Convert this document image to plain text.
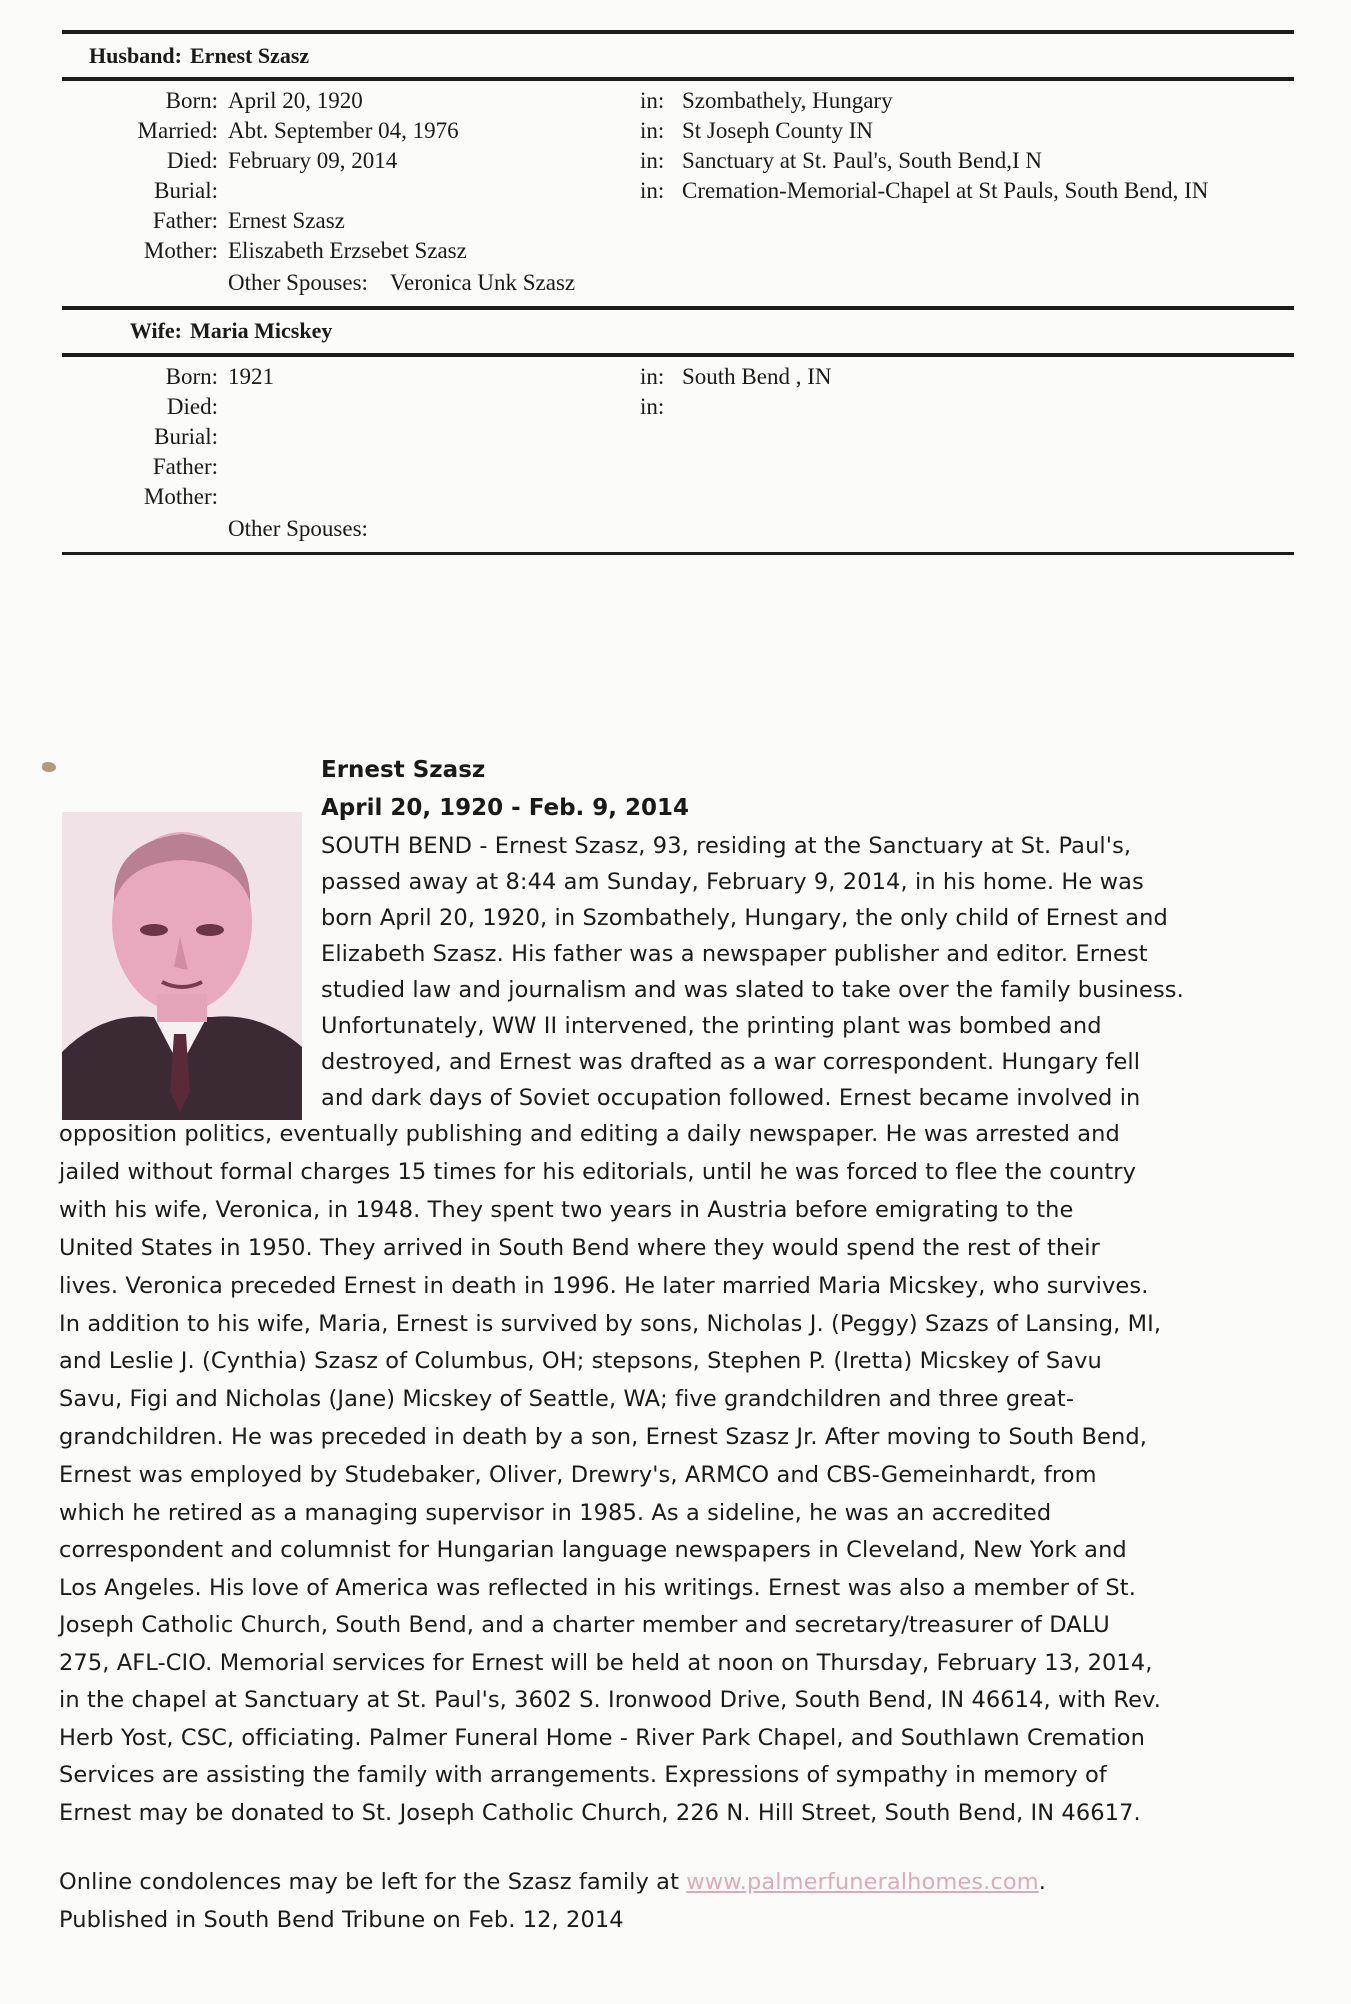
Husband: Ernest Szasz
Born: April 20, 1920	in: Szombathely, Hungary
Married: Abt. September 04, 1976	in: St Joseph County IN
Died: February 09, 2014	in: Sanctuary at St. Paul's, South Bend,I N
Burial:	in: Cremation-Memorial-Chapel at St Pauls, South Bend, IN
Father: Ernest Szasz
Mother: Eliszabeth Erzsebet Szasz
Other Spouses: Veronica Unk Szasz
Wife: Maria Micskey
Born: 1921	in: South Bend , IN
Died:	in:
Burial:
Father:
Mother:
Other Spouses:
Ernest Szasz
April 20, 1920 - Feb. 9, 2014
SOUTH BEND - Ernest Szasz, 93, residing at the Sanctuary at St. Paul's,
passed away at 8:44 am Sunday, February 9, 2014, in his home. He was
born April 20, 1920, in Szombathely, Hungary, the only child of Ernest and
Elizabeth Szasz. His father was a newspaper publisher and editor. Ernest
studied law and journalism and was slated to take over the family business.
Unfortunately, WW II intervened, the printing plant was bombed and
destroyed, and Ernest was drafted as a war correspondent. Hungary fell
and dark days of Soviet occupation followed. Ernest became involved in
opposition politics, eventually publishing and editing a daily newspaper. He was arrested and
jailed without formal charges 15 times for his editorials, until he was forced to flee the country
with his wife, Veronica, in 1948. They spent two years in Austria before emigrating to the
United States in 1950. They arrived in South Bend where they would spend the rest of their
lives. Veronica preceded Ernest in death in 1996. He later married Maria Micskey, who survives.
In addition to his wife, Maria, Ernest is survived by sons, Nicholas J. (Peggy) Szazs of Lansing, MI,
and Leslie J. (Cynthia) Szasz of Columbus, OH; stepsons, Stephen P. (Iretta) Micskey of Savu
Savu, Figi and Nicholas (Jane) Micskey of Seattle, WA; five grandchildren and three great-
grandchildren. He was preceded in death by a son, Ernest Szasz Jr. After moving to South Bend,
Ernest was employed by Studebaker, Oliver, Drewry's, ARMCO and CBS-Gemeinhardt, from
which he retired as a managing supervisor in 1985. As a sideline, he was an accredited
correspondent and columnist for Hungarian language newspapers in Cleveland, New York and
Los Angeles. His love of America was reflected in his writings. Ernest was also a member of St.
Joseph Catholic Church, South Bend, and a charter member and secretary/treasurer of DALU
275, AFL-CIO. Memorial services for Ernest will be held at noon on Thursday, February 13, 2014,
in the chapel at Sanctuary at St. Paul's, 3602 S. Ironwood Drive, South Bend, IN 46614, with Rev.
Herb Yost, CSC, officiating. Palmer Funeral Home - River Park Chapel, and Southlawn Cremation
Services are assisting the family with arrangements. Expressions of sympathy in memory of
Ernest may be donated to St. Joseph Catholic Church, 226 N. Hill Street, South Bend, IN 46617.
Online condolences may be left for the Szasz family at www.palmerfuneralhomes.com.
Published in South Bend Tribune on Feb. 12, 2014
